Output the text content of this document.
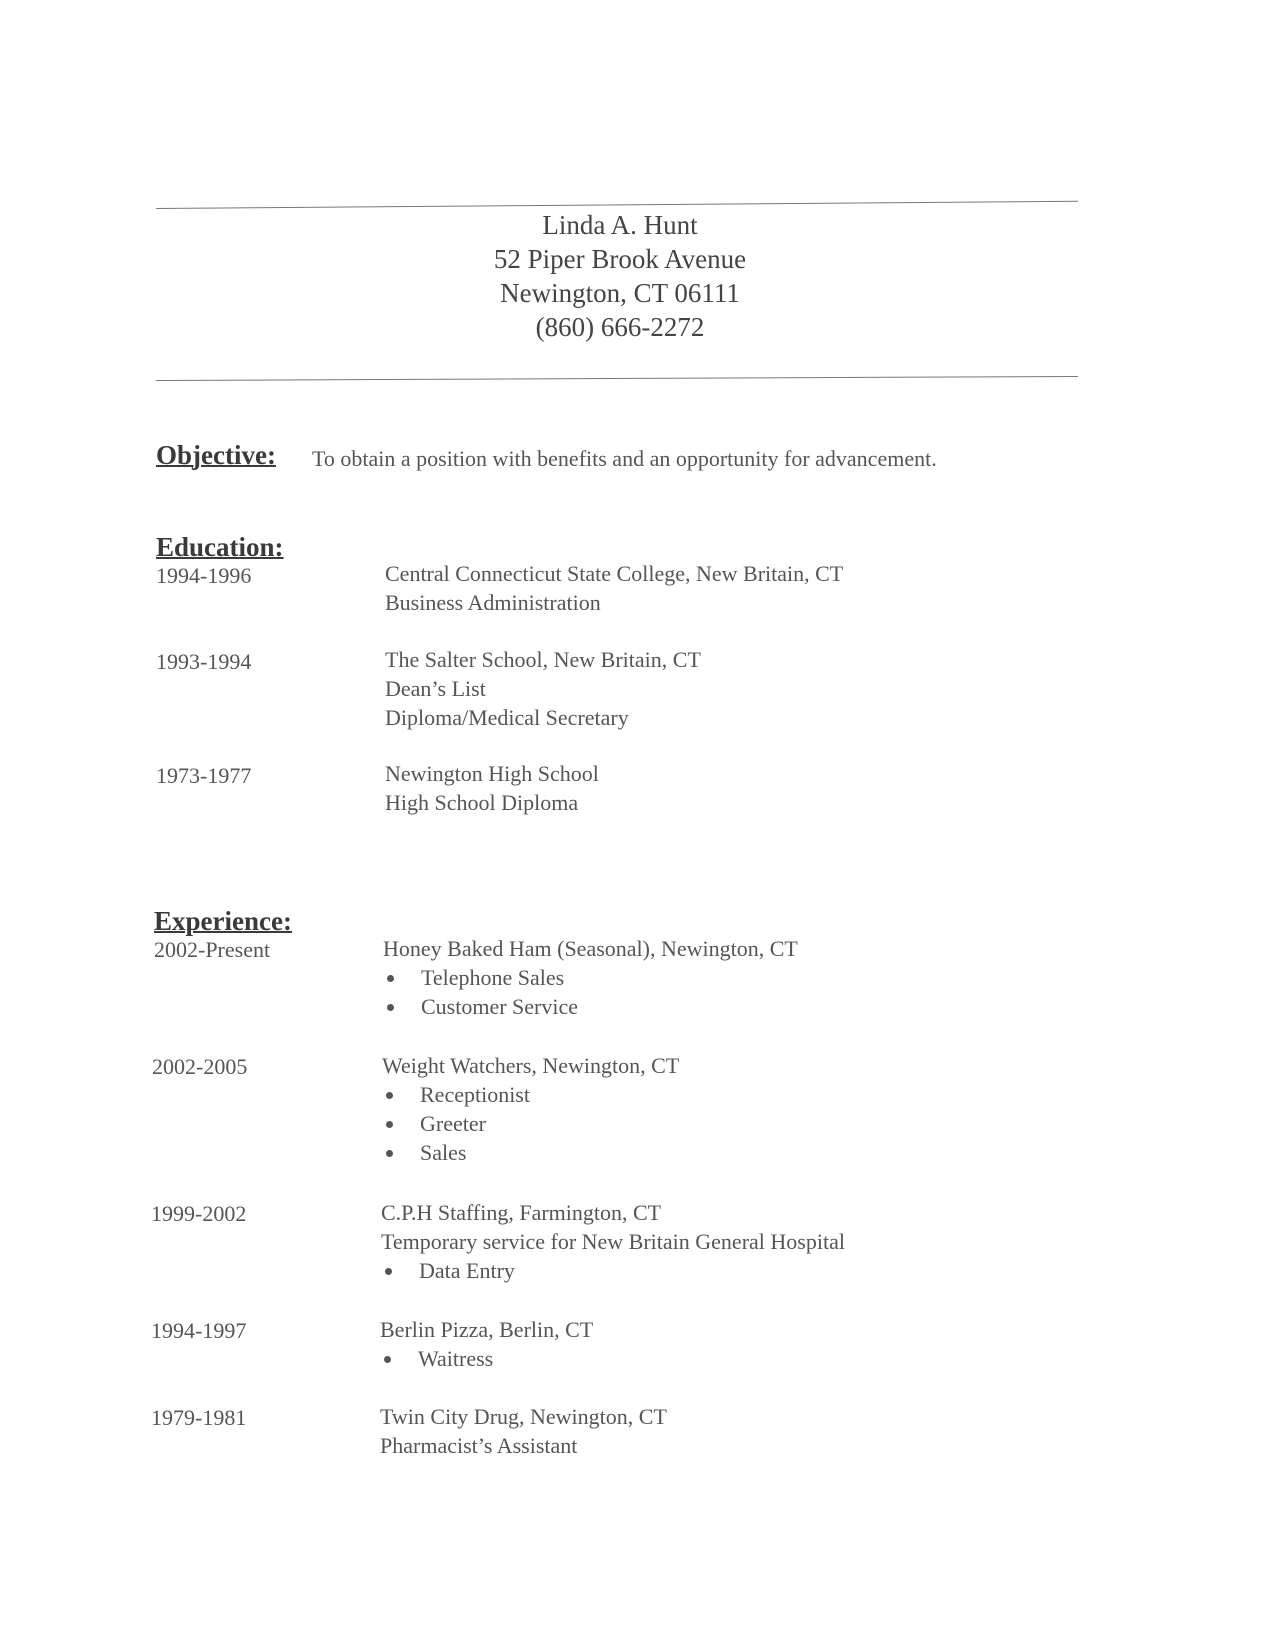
Linda A. Hunt
52 Piper Brook Avenue
Newington, CT 06111
(860) 666-2272
Objective: To obtain a position with benefits and an opportunity for advancement.
Education:
1994-1996	Central Connecticut State College, New Britain, CT
Business Administration
1993-1994	The Salter School, New Britain, CT
Dean’s List
Diploma/Medical Secretary
1973-1977	Newington High School
High School Diploma
Experience:
2002-Present	Honey Baked Ham (Seasonal), Newington, CT
Telephone Sales
Customer Service
2002-2005	Weight Watchers, Newington, CT
Receptionist
Greeter
Sales
1999-2002	C.P.H Staffing, Farmington, CT
Temporary service for New Britain General Hospital
Data Entry
1994-1997	Berlin Pizza, Berlin, CT
Waitress
1979-1981	Twin City Drug, Newington, CT
Pharmacist’s Assistant
